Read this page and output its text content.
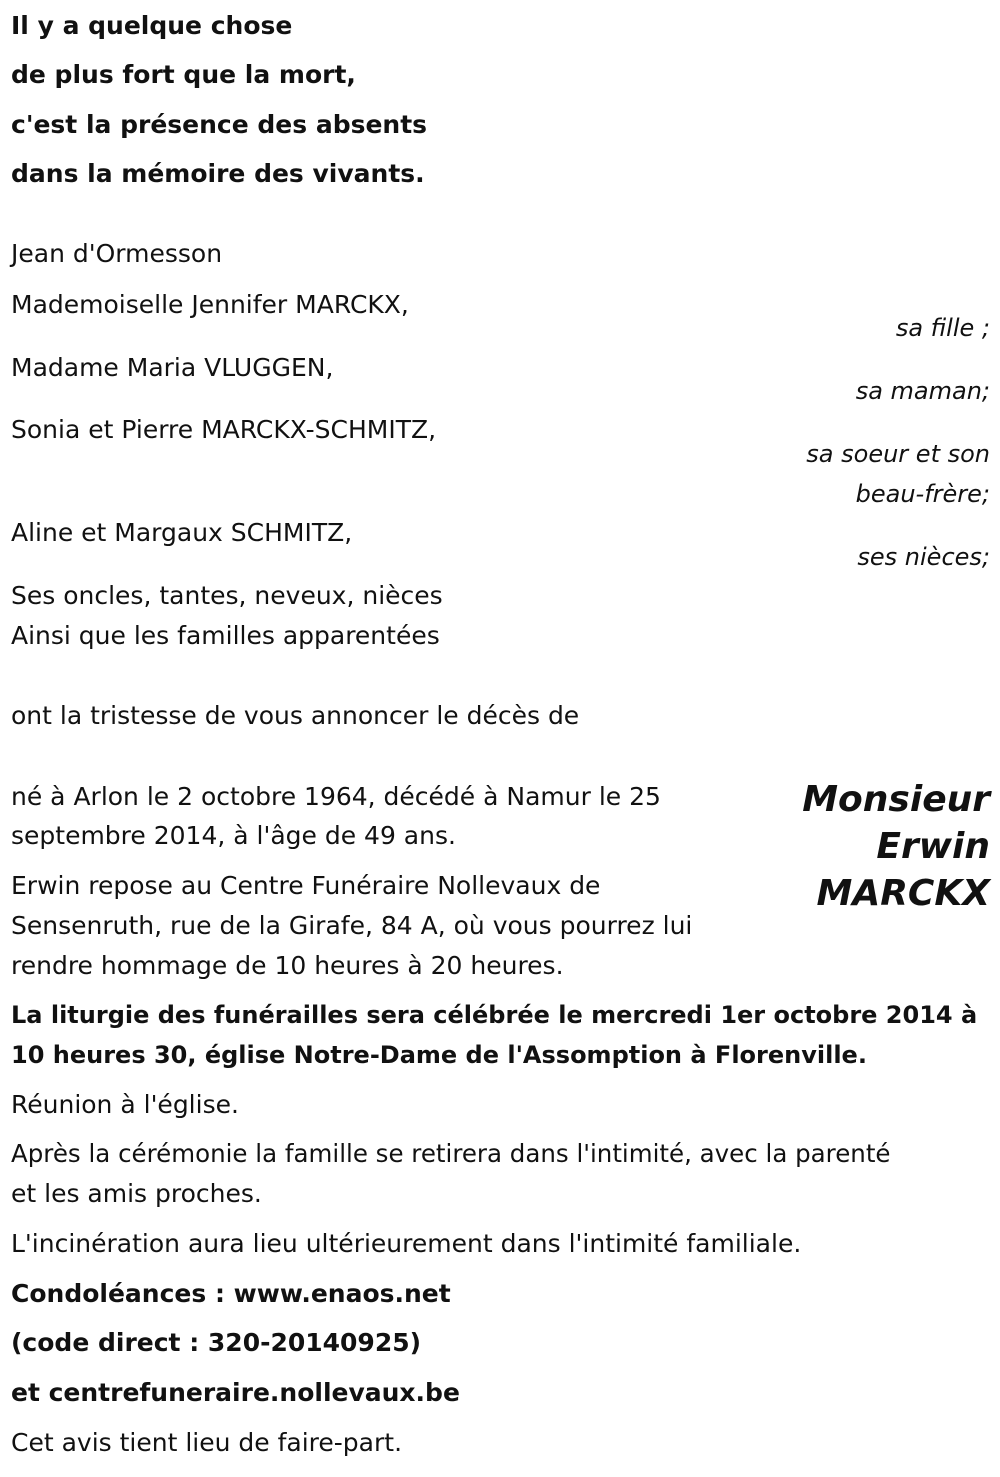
Il y a quelque chose
de plus fort que la mort,
c'est la présence des absents
dans la mémoire des vivants.
Jean d'Ormesson
Mademoiselle Jennifer MARCKX,
sa fille ;
Madame Maria VLUGGEN,
sa maman;
Sonia et Pierre MARCKX-SCHMITZ,
sa soeur et son
beau-frère;
Aline et Margaux SCHMITZ,
ses nièces;
Ses oncles, tantes, neveux, nièces
Ainsi que les familles apparentées
ont la tristesse de vous annoncer le décès de
Monsieur
Erwin
MARCKX
né à Arlon le 2 octobre 1964, décédé à Namur le 25
septembre 2014, à l'âge de 49 ans.
Erwin repose au Centre Funéraire Nollevaux de
Sensenruth, rue de la Girafe, 84 A, où vous pourrez lui
rendre hommage de 10 heures à 20 heures.
La liturgie des funérailles sera célébrée le mercredi 1er octobre 2014 à
10 heures 30, église Notre-Dame de l'Assomption à Florenville.
Réunion à l'église.
Après la cérémonie la famille se retirera dans l'intimité, avec la parenté
et les amis proches.
L'incinération aura lieu ultérieurement dans l'intimité familiale.
Condoléances : www.enaos.net
(code direct : 320-20140925)
et centrefuneraire.nollevaux.be
Cet avis tient lieu de faire-part.
